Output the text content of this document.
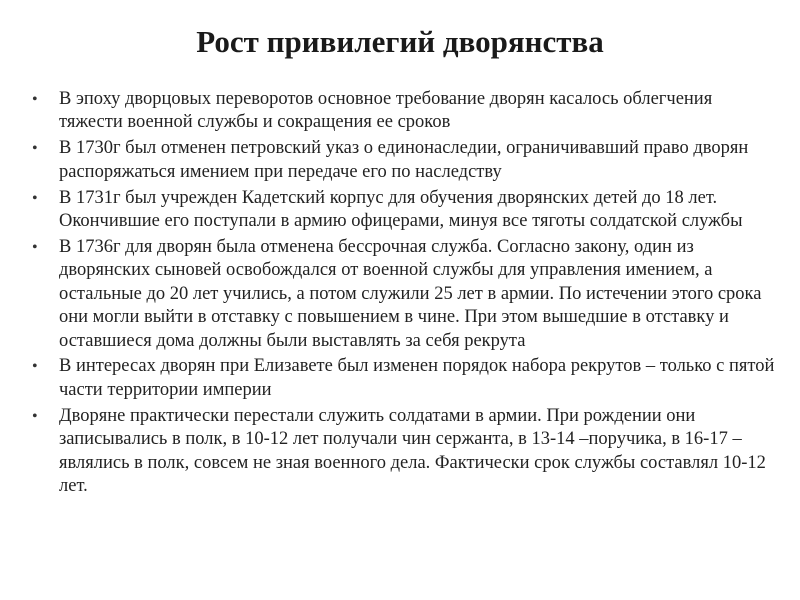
Рост привилегий дворянства
• В эпоху дворцовых переворотов основное требование дворян касалось облегчения тяжести военной службы и сокращения ее сроков
• В 1730г был отменен петровский указ о единонаследии, ограничивавший право дворян распоряжаться имением при передаче его по наследству
• В 1731г был учрежден Кадетский корпус для обучения дворянских детей до 18 лет. Окончившие его поступали в армию офицерами, минуя все тяготы солдатской службы
• В 1736г для дворян была отменена бессрочная служба. Согласно закону, один из дворянских сыновей освобождался от военной службы для управления имением, а остальные до 20 лет учились, а потом служили 25 лет в армии. По истечении этого срока они могли выйти в отставку с повышением в чине. При этом вышедшие в отставку и оставшиеся дома должны были выставлять за себя рекрута
• В интересах дворян при Елизавете был изменен порядок набора рекрутов – только с пятой части территории империи
• Дворяне практически перестали служить солдатами в армии. При рождении они записывались в полк, в 10-12 лет получали чин сержанта, в 13-14 –поручика, в 16-17 – являлись в полк, совсем не зная военного дела. Фактически срок службы составлял 10-12 лет.
